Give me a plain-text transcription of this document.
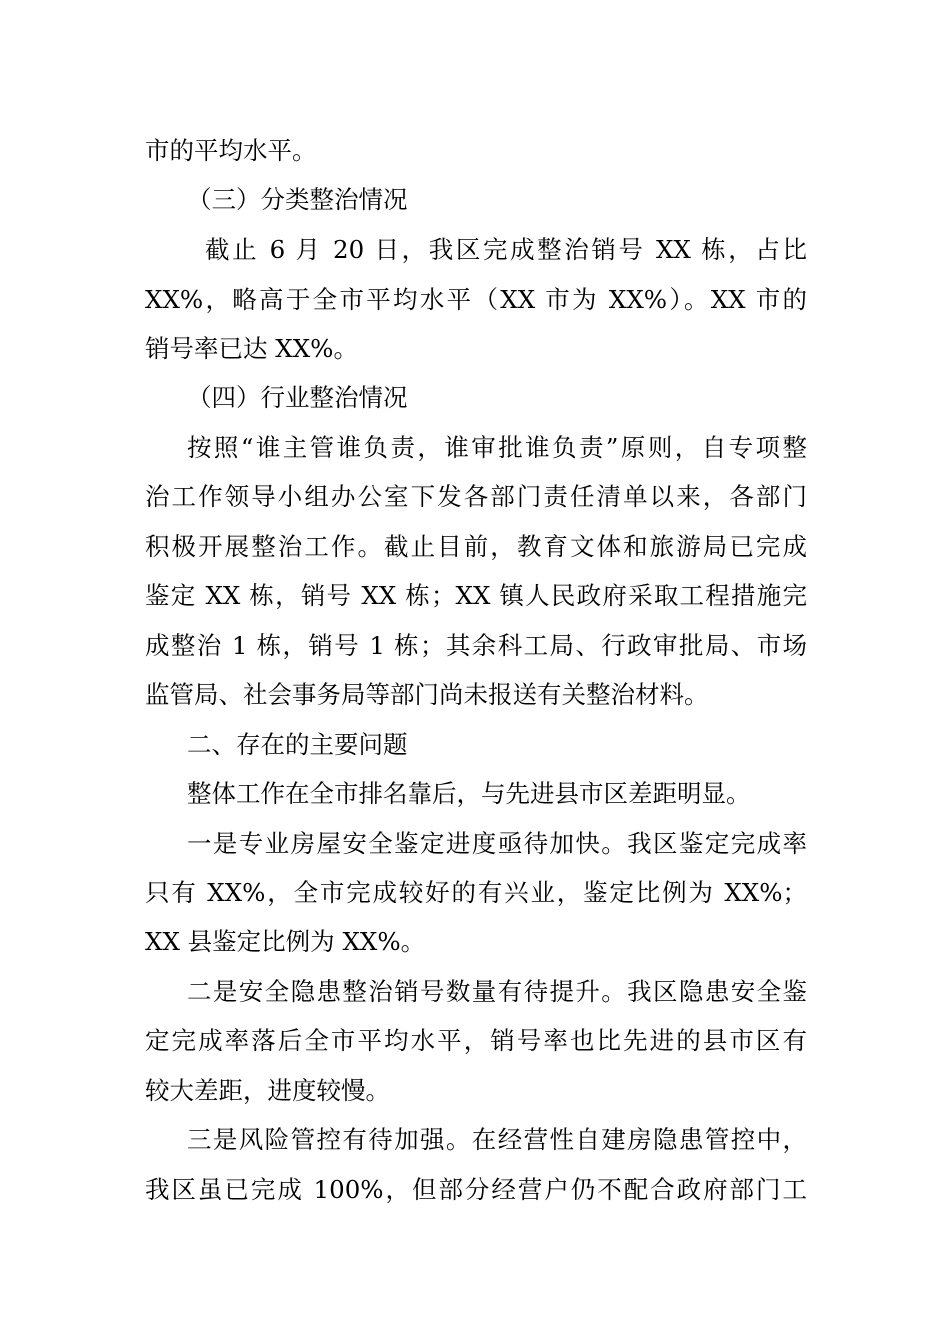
市的平均水平。
（三）分类整治情况
截止 6 月 20 日，我区完成整治销号 XX 栋，占比
XX%，略高于全市平均水平（XX 市为 XX%）。XX 市的
销号率已达 XX%。
（四）行业整治情况
按照“谁主管谁负责，谁审批谁负责”原则，自专项整
治工作领导小组办公室下发各部门责任清单以来，各部门
积极开展整治工作。截止目前，教育文体和旅游局已完成
鉴定 XX 栋，销号 XX 栋；XX 镇人民政府采取工程措施完
成整治 1 栋，销号 1 栋；其余科工局、行政审批局、市场
监管局、社会事务局等部门尚未报送有关整治材料。
二、存在的主要问题
整体工作在全市排名靠后，与先进县市区差距明显。
一是专业房屋安全鉴定进度亟待加快。我区鉴定完成率
只有 XX%，全市完成较好的有兴业，鉴定比例为 XX%；
XX 县鉴定比例为 XX%。
二是安全隐患整治销号数量有待提升。我区隐患安全鉴
定完成率落后全市平均水平，销号率也比先进的县市区有
较大差距，进度较慢。
三是风险管控有待加强。在经营性自建房隐患管控中，
我区虽已完成 100%，但部分经营户仍不配合政府部门工
